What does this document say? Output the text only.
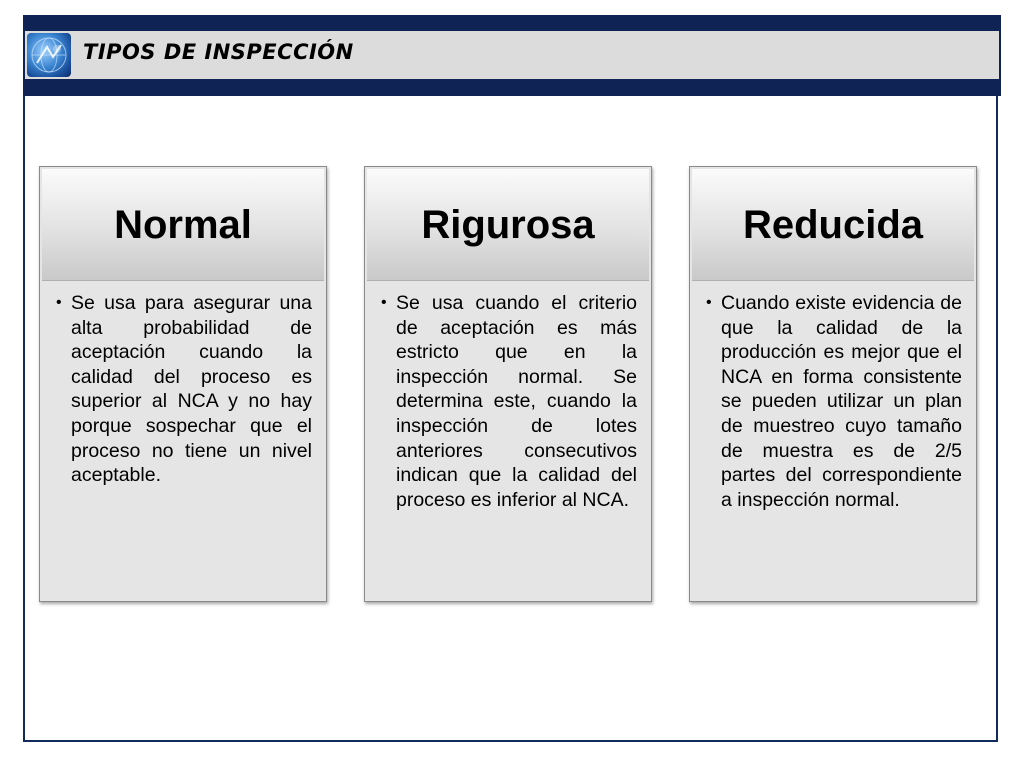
TIPOS DE INSPECCIÓN
Normal
• Se usa para asegurar una alta probabilidad de aceptación cuando la calidad del proceso es superior al NCA y no hay porque sospechar que el proceso no tiene un nivel aceptable.

Rigurosa
• Se usa cuando el criterio de aceptación es más estricto que en la inspección normal. Se determina este, cuando la inspección de lotes anteriores consecutivos indican que la calidad del proceso es inferior al NCA.

Reducida
• Cuando existe evidencia de que la calidad de la producción es mejor que el NCA en forma consistente se pueden utilizar un plan de muestreo cuyo tamaño de muestra es de 2/5 partes del correspondiente a inspección normal.
